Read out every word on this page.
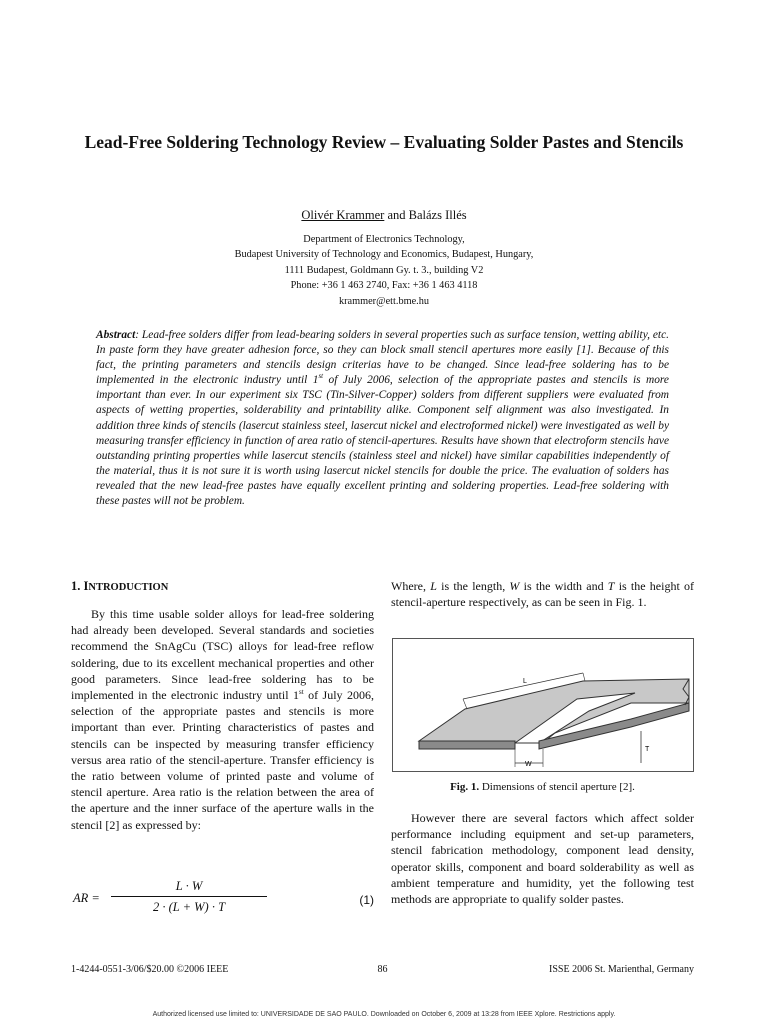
Lead-Free Soldering Technology Review – Evaluating Solder Pastes and Stencils
Olivér Krammer and Balázs Illés
Department of Electronics Technology,
Budapest University of Technology and Economics, Budapest, Hungary,
1111 Budapest, Goldmann Gy. t. 3., building V2
Phone: +36 1 463 2740, Fax: +36 1 463 4118
krammer@ett.bme.hu

Abstract: Lead-free solders differ from lead-bearing solders in several properties such as surface tension, wetting ability, etc. In paste form they have greater adhesion force, so they can block small stencil apertures more easily [1]. Because of this fact, the printing parameters and stencils design criterias have to be changed. Since lead-free soldering has to be implemented in the electronic industry until 1st of July 2006, selection of the appropriate pastes and stencils is more important than ever. In our experiment six TSC (Tin-Silver-Copper) solders from different suppliers were evaluated from aspects of wetting properties, solderability and printability alike. Component self alignment was also investigated. In addition three kinds of stencils (lasercut stainless steel, lasercut nickel and electroformed nickel) were investigated as well by measuring transfer efficiency in function of area ratio of stencil-apertures. Results have shown that electroform stencils have outstanding printing properties while lasercut stencils (stainless steel and nickel) have similar capabilities independently of the material, thus it is not sure it is worth using lasercut nickel stencils for double the price. The evaluation of solders has revealed that the new lead-free pastes have equally excellent printing and soldering properties. Lead-free soldering with these pastes will not be problem.

1. INTRODUCTION

By this time usable solder alloys for lead-free soldering had already been developed. Several standards and societies recommend the SnAgCu (TSC) alloys for lead-free reflow soldering, due to its excellent mechanical properties and other good parameters. Since lead-free soldering has to be implemented in the electronic industry until 1st of July 2006, selection of the appropriate pastes and stencils is more important than ever. Printing characteristics of pastes and stencils can be inspected by measuring transfer efficiency versus area ratio of the stencil-aperture. Transfer efficiency is the ratio between volume of printed paste and volume of stencil aperture. Area ratio is the relation between the area of the aperture and the inner surface of the aperture walls in the stencil [2] as expressed by:

AR =
L · W
2 · (L + W) · T	(1)

Where, L is the length, W is the width and T is the height of stencil-aperture respectively, as can be seen in Fig. 1.

L
W
T
Fig. 1. Dimensions of stencil aperture [2].

However there are several factors which affect solder performance including equipment and set-up parameters, stencil fabrication methodology, component lead density, operator skills, component and board solderability as well as ambient temperature and humidity, yet the following test methods are appropriate to qualify solder pastes.

1-4244-0551-3/06/$20.00 ©2006 IEEE	86	ISSE 2006 St. Marienthal, Germany
Authorized licensed use limited to: UNIVERSIDADE DE SAO PAULO. Downloaded on October 6, 2009 at 13:28 from IEEE Xplore. Restrictions apply.
